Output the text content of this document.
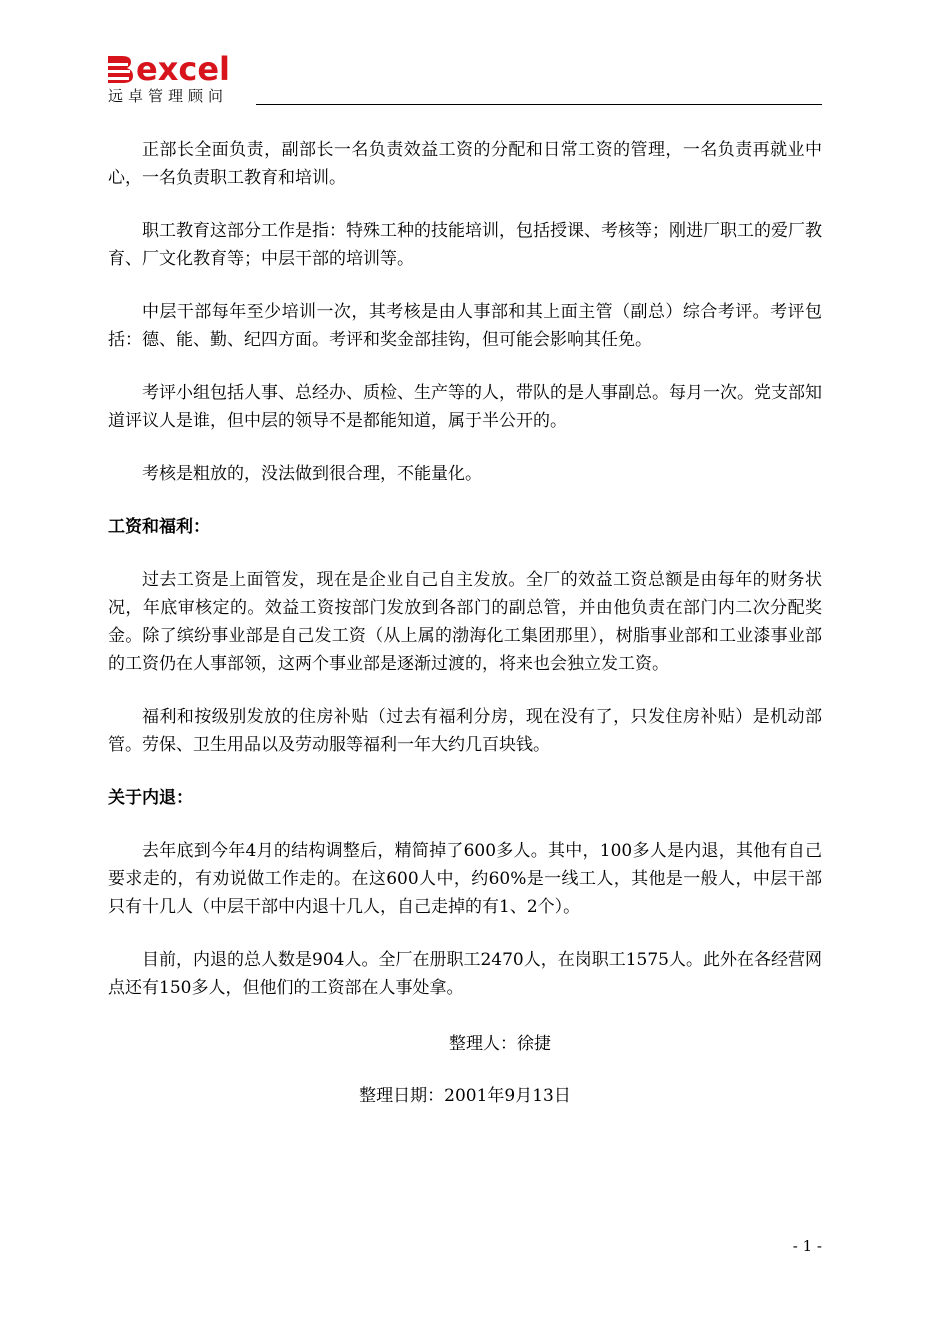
excel
远卓管理顾问

正部长全面负责，副部长一名负责效益工资的分配和日常工资的管理，一名负责再就业中心，一名负责职工教育和培训。

职工教育这部分工作是指：特殊工种的技能培训，包括授课、考核等；刚进厂职工的爱厂教育、厂文化教育等；中层干部的培训等。

中层干部每年至少培训一次，其考核是由人事部和其上面主管（副总）综合考评。考评包括：德、能、勤、纪四方面。考评和奖金部挂钩，但可能会影响其任免。

考评小组包括人事、总经办、质检、生产等的人，带队的是人事副总。每月一次。党支部知道评议人是谁，但中层的领导不是都能知道，属于半公开的。

考核是粗放的，没法做到很合理，不能量化。

工资和福利：

过去工资是上面管发，现在是企业自己自主发放。全厂的效益工资总额是由每年的财务状况，年底审核定的。效益工资按部门发放到各部门的副总管，并由他负责在部门内二次分配奖金。除了缤纷事业部是自己发工资（从上属的渤海化工集团那里），树脂事业部和工业漆事业部的工资仍在人事部领，这两个事业部是逐渐过渡的，将来也会独立发工资。

福利和按级别发放的住房补贴（过去有福利分房，现在没有了，只发住房补贴）是机动部管。劳保、卫生用品以及劳动服等福利一年大约几百块钱。

关于内退：

去年底到今年4月的结构调整后，精简掉了600多人。其中，100多人是内退，其他有自己要求走的，有劝说做工作走的。在这600人中，约60%是一线工人，其他是一般人，中层干部只有十几人（中层干部中内退十几人，自己走掉的有1、2个）。

目前，内退的总人数是904人。全厂在册职工2470人，在岗职工1575人。此外在各经营网点还有150多人，但他们的工资部在人事处拿。

整理人：徐捷
整理日期：2001年9月13日
- 1 -
